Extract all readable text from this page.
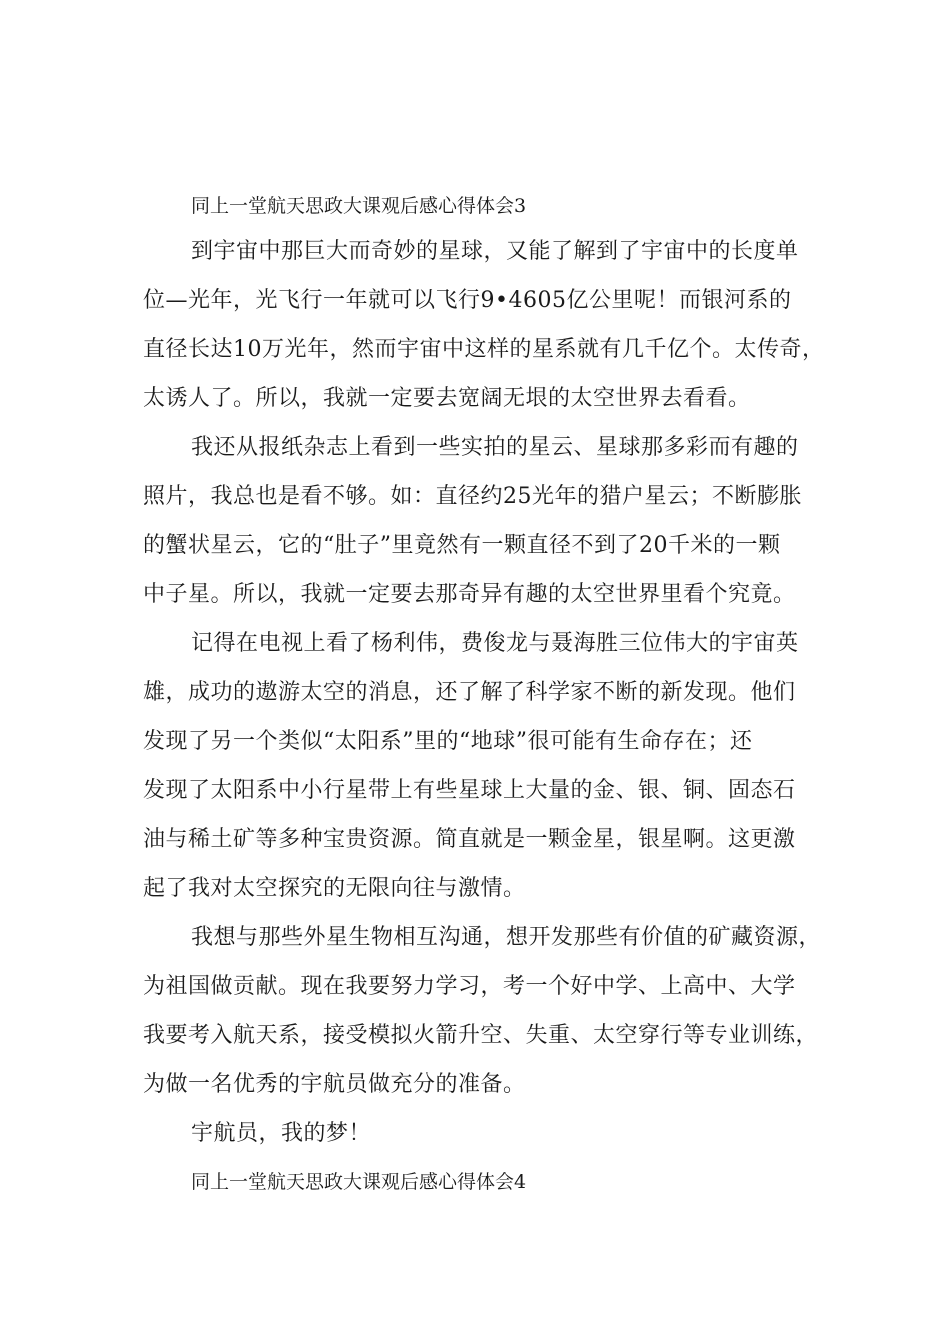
同上一堂航天思政大课观后感心得体会3

到宇宙中那巨大而奇妙的星球，又能了解到了宇宙中的长度单
位—光年，光飞行一年就可以飞行9•4605亿公里呢！而银河系的
直径长达10万光年，然而宇宙中这样的星系就有几千亿个。太传奇，
太诱人了。所以，我就一定要去宽阔无垠的太空世界去看看。
我还从报纸杂志上看到一些实拍的星云、星球那多彩而有趣的
照片，我总也是看不够。如：直径约25光年的猎户星云；不断膨胀
的蟹状星云，它的“肚子”里竟然有一颗直径不到了20千米的一颗
中子星。所以，我就一定要去那奇异有趣的太空世界里看个究竟。
记得在电视上看了杨利伟，费俊龙与聂海胜三位伟大的宇宙英
雄，成功的遨游太空的消息，还了解了科学家不断的新发现。他们
发现了另一个类似“太阳系”里的“地球”很可能有生命存在；还
发现了太阳系中小行星带上有些星球上大量的金、银、铜、固态石
油与稀土矿等多种宝贵资源。简直就是一颗金星，银星啊。这更激
起了我对太空探究的无限向往与激情。
我想与那些外星生物相互沟通，想开发那些有价值的矿藏资源，
为祖国做贡献。现在我要努力学习，考一个好中学、上高中、大学
我要考入航天系，接受模拟火箭升空、失重、太空穿行等专业训练，
为做一名优秀的宇航员做充分的准备。
宇航员，我的梦！

同上一堂航天思政大课观后感心得体会4
